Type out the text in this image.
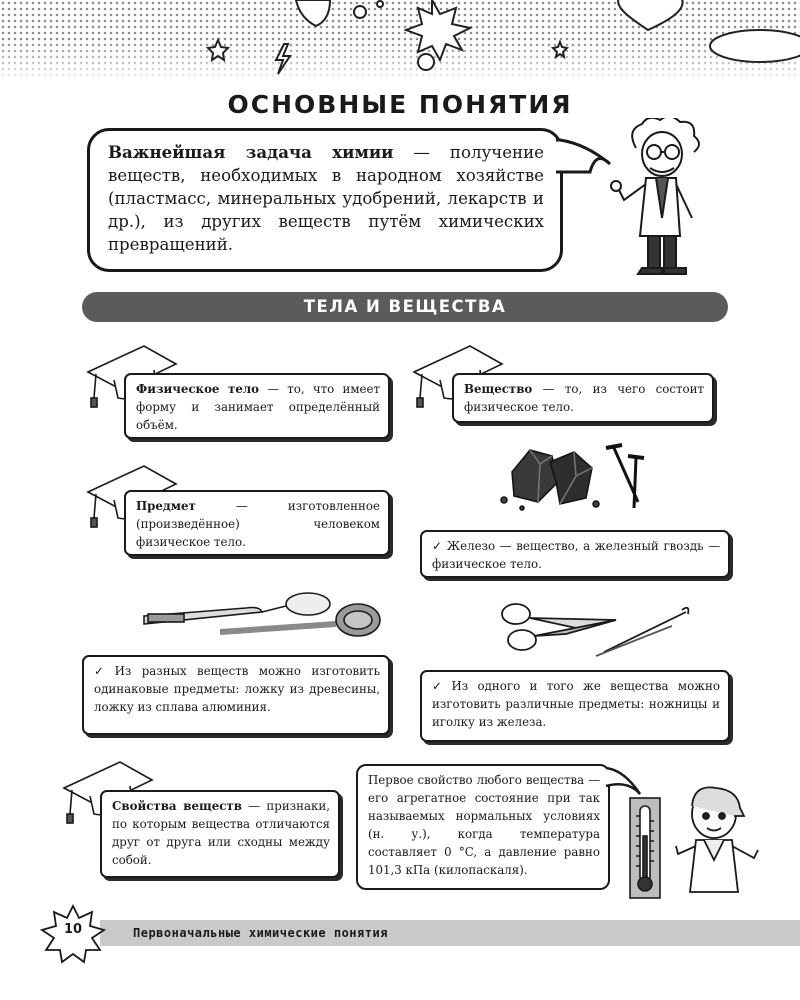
ОСНОВНЫЕ ПОНЯТИЯ
Важнейшая задача химии — получение веществ, необходимых в народном хозяйстве (пластмасс, минеральных удобрений, лекарств и др.), из других веществ путём химических превращений.
ТЕЛА И ВЕЩЕСТВА
Физическое тело — то, что имеет форму и занимает определённый объём.
Вещество — то, из чего состоит физическое тело.
Предмет — изготовленное (произведённое) человеком физическое тело.	✓ Железо — вещество, а железный гвоздь — физическое тело.
✓ Из разных веществ можно изготовить одинаковые предметы: ложку из древесины, ложку из сплава алюминия.
✓ Из одного и того же вещества можно изготовить различные предметы: ножницы и иголку из железа.
Свойства веществ — признаки, по которым вещества отличаются друг от друга или сходны между собой.
Первое свойство любого вещества — его агрегатное состояние при так называемых нормальных условиях (н. у.), когда температура составляет 0 °C, а давление равно 101,3 кПа (килопаскаля).
10	Первоначальные химические понятия
